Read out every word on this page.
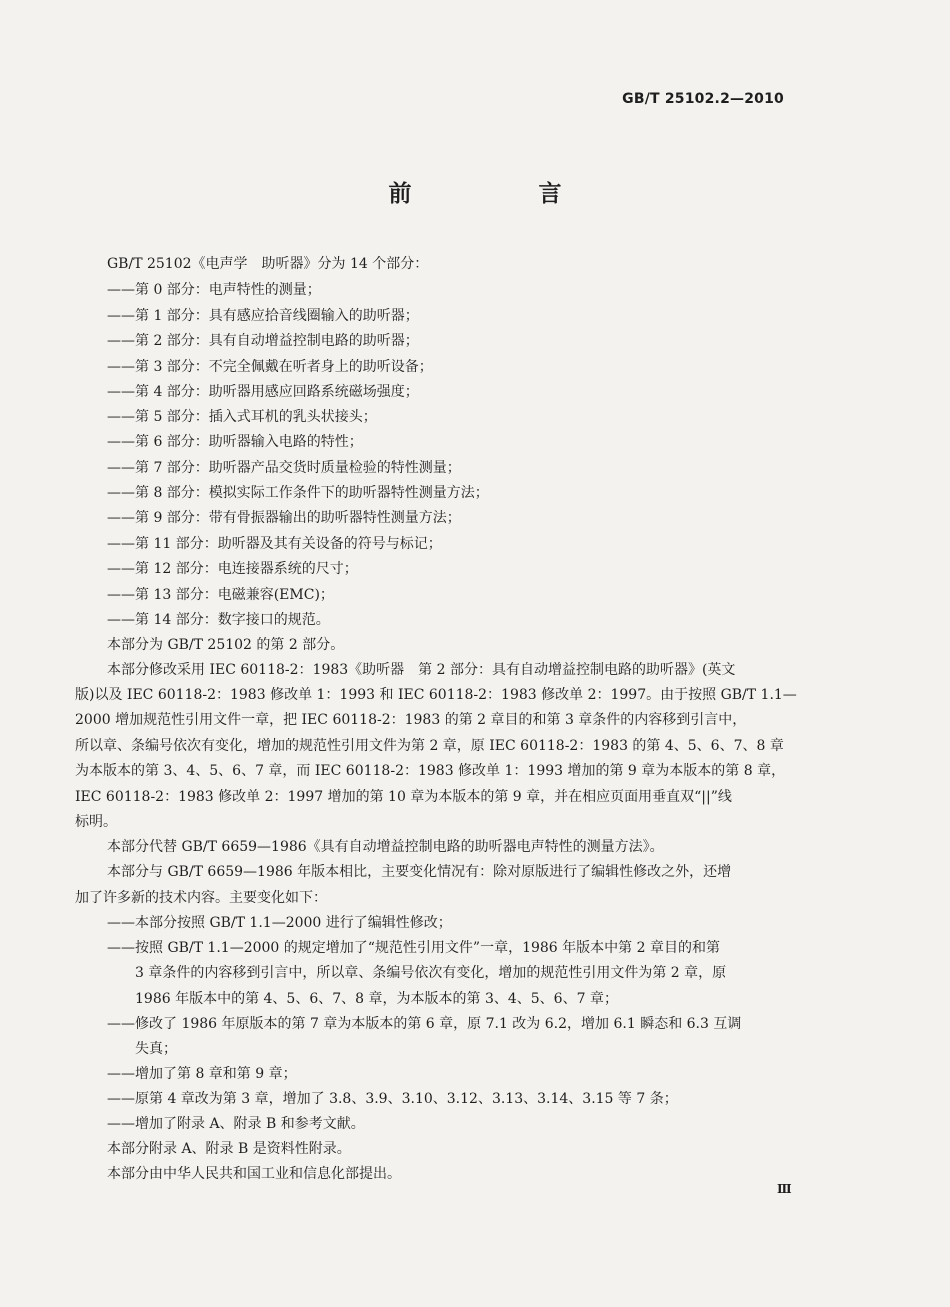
GB/T 25102.2—2010
前　言
GB/T 25102《电声学　助听器》分为 14 个部分：
——第 0 部分：电声特性的测量；
——第 1 部分：具有感应拾音线圈输入的助听器；
——第 2 部分：具有自动增益控制电路的助听器；
——第 3 部分：不完全佩戴在听者身上的助听设备；
——第 4 部分：助听器用感应回路系统磁场强度；
——第 5 部分：插入式耳机的乳头状接头；
——第 6 部分：助听器输入电路的特性；
——第 7 部分：助听器产品交货时质量检验的特性测量；
——第 8 部分：模拟实际工作条件下的助听器特性测量方法；
——第 9 部分：带有骨振器输出的助听器特性测量方法；
——第 11 部分：助听器及其有关设备的符号与标记；
——第 12 部分：电连接器系统的尺寸；
——第 13 部分：电磁兼容(EMC)；
——第 14 部分：数字接口的规范。
本部分为 GB/T 25102 的第 2 部分。
本部分修改采用 IEC 60118-2：1983《助听器　第 2 部分：具有自动增益控制电路的助听器》(英文
版)以及 IEC 60118-2：1983 修改单 1：1993 和 IEC 60118-2：1983 修改单 2：1997。由于按照 GB/T 1.1—
2000 增加规范性引用文件一章，把 IEC 60118-2：1983 的第 2 章目的和第 3 章条件的内容移到引言中，
所以章、条编号依次有变化，增加的规范性引用文件为第 2 章，原 IEC 60118-2：1983 的第 4、5、6、7、8 章
为本版本的第 3、4、5、6、7 章，而 IEC 60118-2：1983 修改单 1：1993 增加的第 9 章为本版本的第 8 章，
IEC 60118-2：1983 修改单 2：1997 增加的第 10 章为本版本的第 9 章，并在相应页面用垂直双“||”线
标明。
本部分代替 GB/T 6659—1986《具有自动增益控制电路的助听器电声特性的测量方法》。
本部分与 GB/T 6659—1986 年版本相比，主要变化情况有：除对原版进行了编辑性修改之外，还增
加了许多新的技术内容。主要变化如下：
——本部分按照 GB/T 1.1—2000 进行了编辑性修改；
——按照 GB/T 1.1—2000 的规定增加了“规范性引用文件”一章，1986 年版本中第 2 章目的和第
3 章条件的内容移到引言中，所以章、条编号依次有变化，增加的规范性引用文件为第 2 章，原
1986 年版本中的第 4、5、6、7、8 章，为本版本的第 3、4、5、6、7 章；
——修改了 1986 年原版本的第 7 章为本版本的第 6 章，原 7.1 改为 6.2，增加 6.1 瞬态和 6.3 互调
失真；
——增加了第 8 章和第 9 章；
——原第 4 章改为第 3 章，增加了 3.8、3.9、3.10、3.12、3.13、3.14、3.15 等 7 条；
——增加了附录 A、附录 B 和参考文献。
本部分附录 A、附录 B 是资料性附录。
本部分由中华人民共和国工业和信息化部提出。
Ⅲ
